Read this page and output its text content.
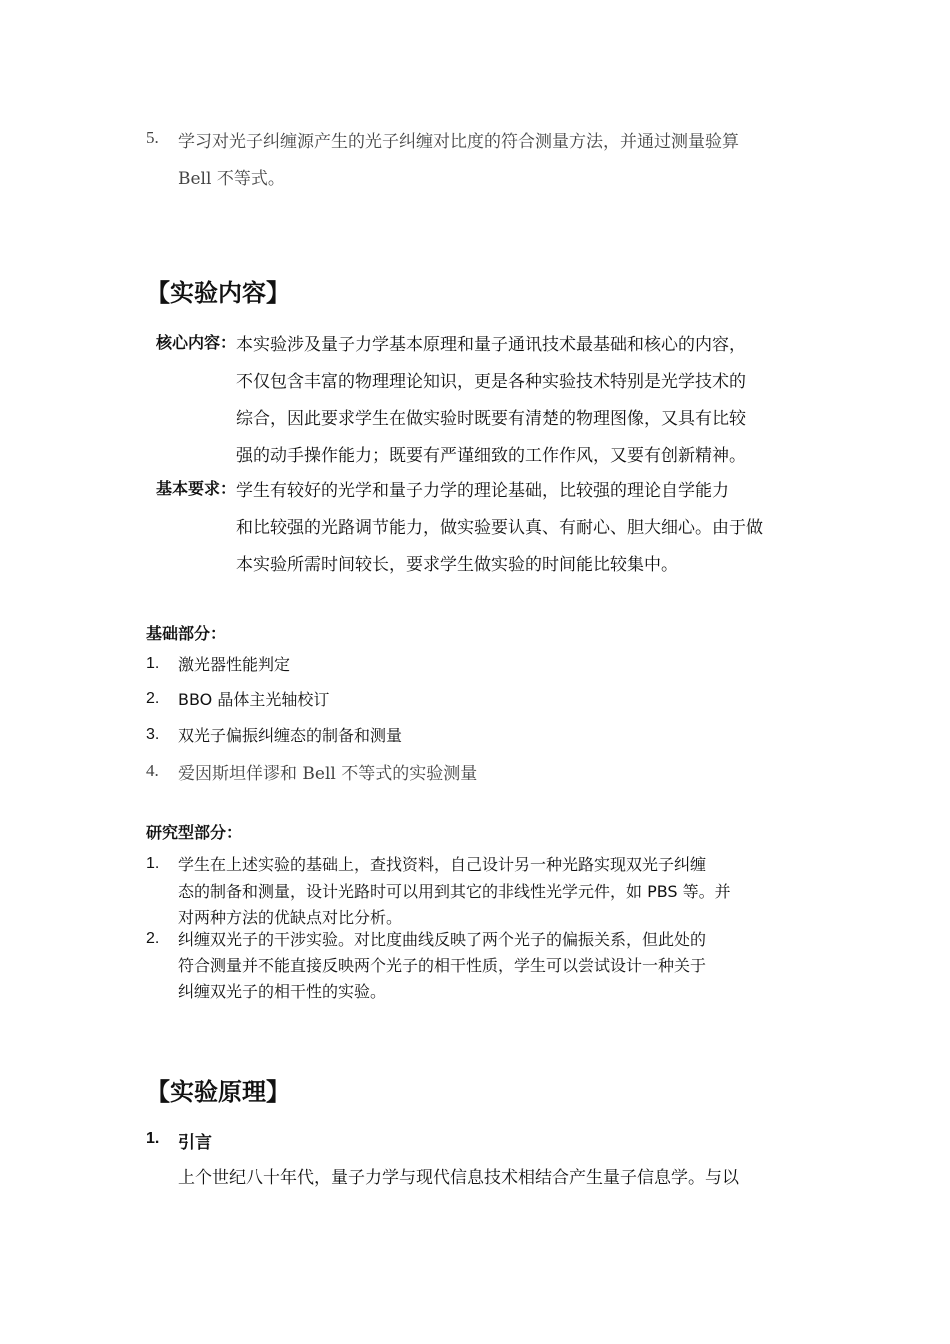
5. 学习对光子纠缠源产生的光子纠缠对比度的符合测量方法，并通过测量验算
Bell 不等式。
【实验内容】
核心内容： 本实验涉及量子力学基本原理和量子通讯技术最基础和核心的内容，
不仅包含丰富的物理理论知识，更是各种实验技术特别是光学技术的
综合，因此要求学生在做实验时既要有清楚的物理图像，又具有比较
强的动手操作能力；既要有严谨细致的工作作风，又要有创新精神。
基本要求： 学生有较好的光学和量子力学的理论基础，比较强的理论自学能力
和比较强的光路调节能力，做实验要认真、有耐心、胆大细心。由于做
本实验所需时间较长，要求学生做实验的时间能比较集中。
基础部分：
1. 激光器性能判定
2. BBO 晶体主光轴校订
3. 双光子偏振纠缠态的制备和测量
4. 爱因斯坦佯谬和 Bell 不等式的实验测量
研究型部分：
1. 学生在上述实验的基础上，查找资料，自己设计另一种光路实现双光子纠缠
态的制备和测量，设计光路时可以用到其它的非线性光学元件，如 PBS 等。并
对两种方法的优缺点对比分析。
2. 纠缠双光子的干涉实验。对比度曲线反映了两个光子的偏振关系，但此处的
符合测量并不能直接反映两个光子的相干性质，学生可以尝试设计一种关于
纠缠双光子的相干性的实验。
【实验原理】
1. 引言
上个世纪八十年代，量子力学与现代信息技术相结合产生量子信息学。与以
